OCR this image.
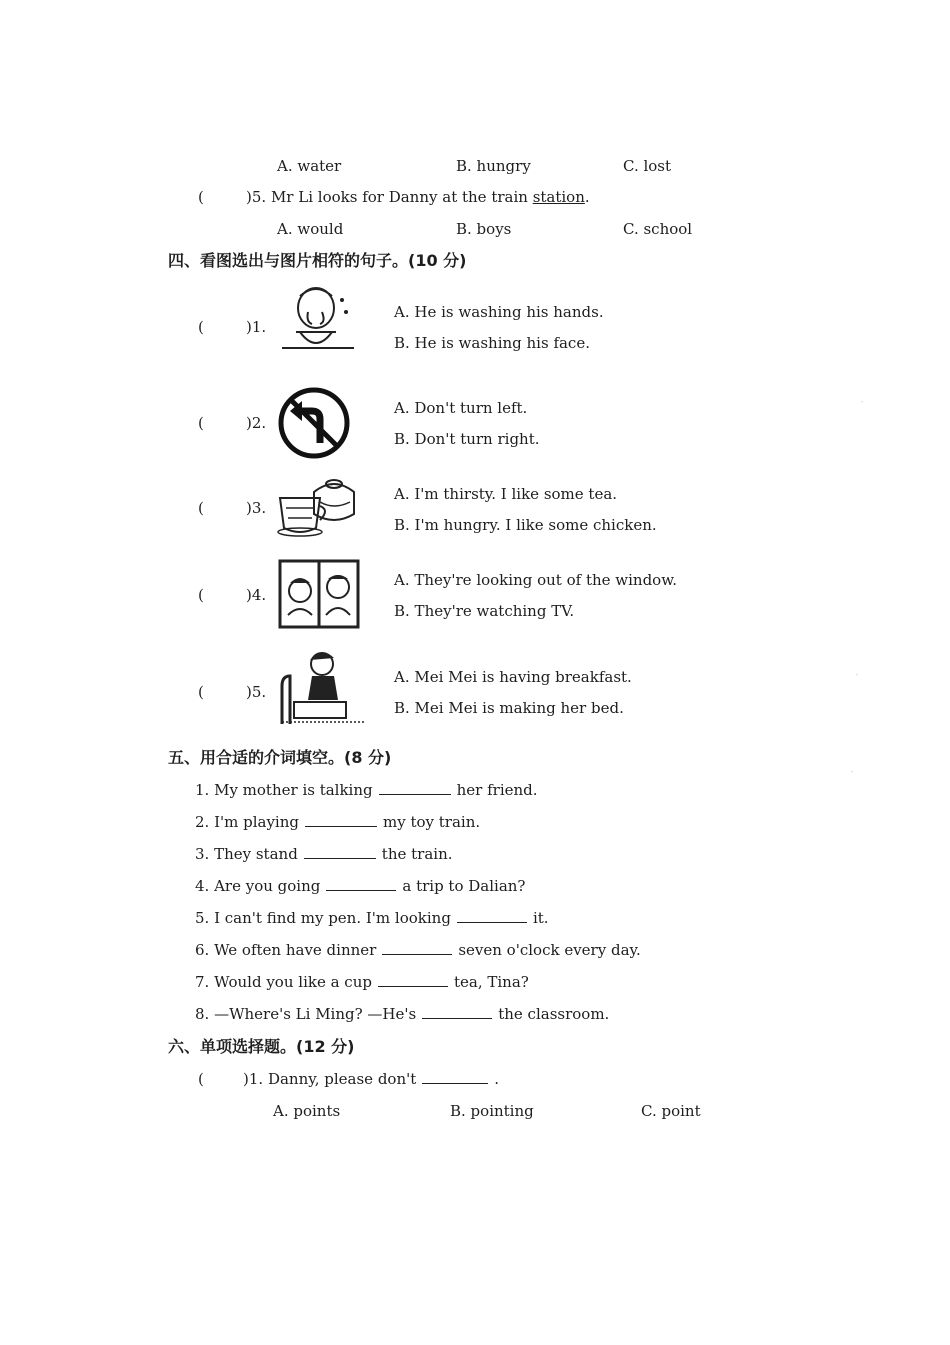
A. water	B. hungry	C. lost
(	)5. Mr Li looks for Danny at the train station.
A. would	B. boys	C. school
四、看图选出与图片相符的句子。(10 分)
(	)1.
A. He is washing his hands.
B. He is washing his face.
(	)2.
A. Don't turn left.
B. Don't turn right.
(	)3.
A. I'm thirsty. I like some tea.
B. I'm hungry. I like some chicken.
(	)4.
A. They're looking out of the window.
B. They're watching TV.
(	)5.
A. Mei Mei is having breakfast.
B. Mei Mei is making her bed.
五、用合适的介词填空。(8 分)
1. My mother is talking	her friend.
2. I'm playing	my toy train.
3. They stand	the train.
4. Are you going	a trip to Dalian?
5. I can't find my pen. I'm looking	it.
6. We often have dinner	seven o'clock every day.
7. Would you like a cup	tea, Tina?
8. —Where's Li Ming? —He's	the classroom.
六、单项选择题。(12 分)
(	)1. Danny, please don't	.
A. points	B. pointing	C. point
·
·
·
